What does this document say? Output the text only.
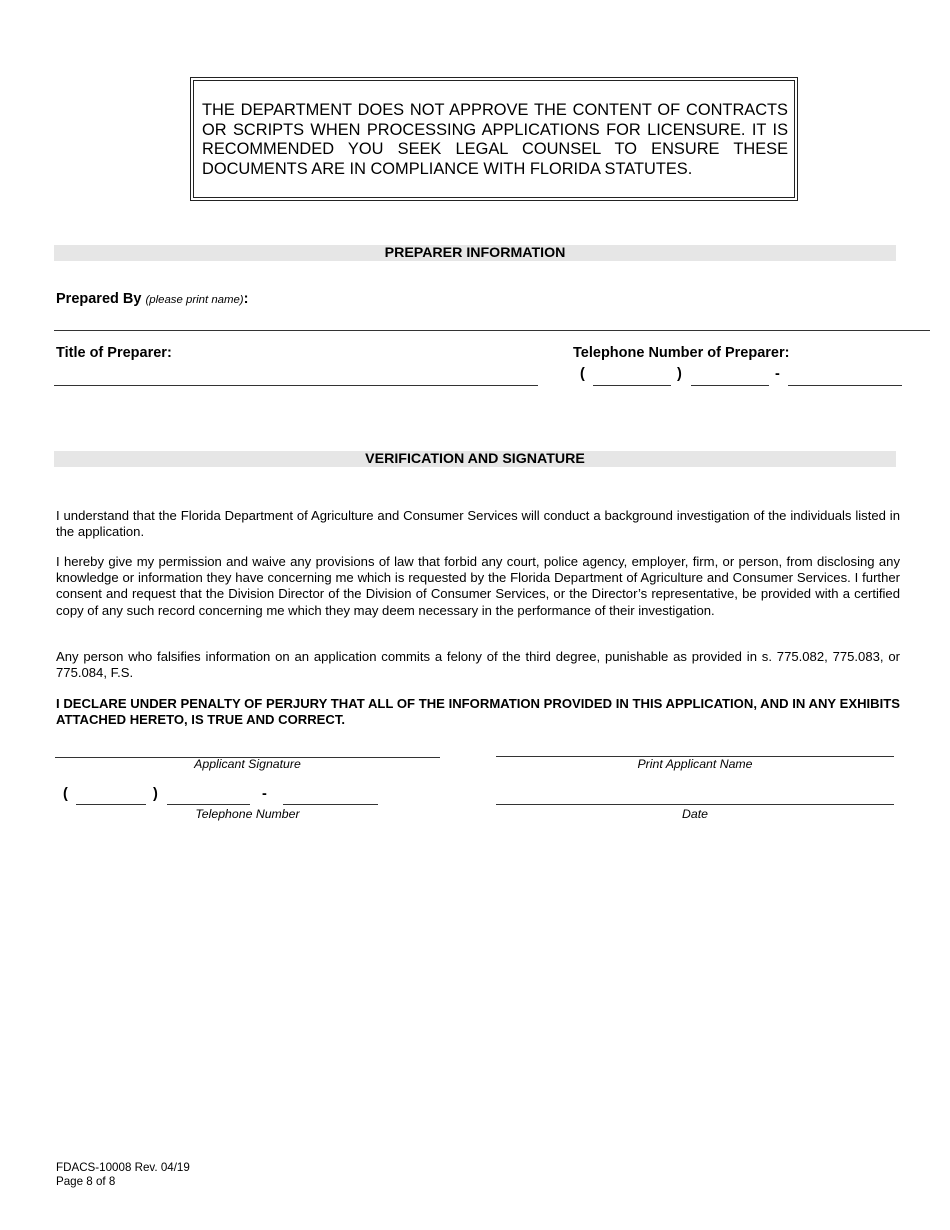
THE DEPARTMENT DOES NOT APPROVE THE CONTENT OF CONTRACTS OR SCRIPTS WHEN PROCESSING APPLICATIONS FOR LICENSURE. IT IS RECOMMENDED YOU SEEK LEGAL COUNSEL TO ENSURE THESE DOCUMENTS ARE IN COMPLIANCE WITH FLORIDA STATUTES.
PREPARER INFORMATION
Prepared By (please print name):
Title of Preparer:	Telephone Number of Preparer:
(	)	-
VERIFICATION AND SIGNATURE

I understand that the Florida Department of Agriculture and Consumer Services will conduct a background investigation of the individuals listed in the application.

I hereby give my permission and waive any provisions of law that forbid any court, police agency, employer, firm, or person, from disclosing any knowledge or information they have concerning me which is requested by the Florida Department of Agriculture and Consumer Services. I further consent and request that the Division Director of the Division of Consumer Services, or the Director’s representative, be provided with a certified copy of any such record concerning me which they may deem necessary in the performance of their investigation.

Any person who falsifies information on an application commits a felony of the third degree, punishable as provided in s. 775.082, 775.083, or 775.084, F.S.

I DECLARE UNDER PENALTY OF PERJURY THAT ALL OF THE INFORMATION PROVIDED IN THIS APPLICATION, AND IN ANY EXHIBITS ATTACHED HERETO, IS TRUE AND CORRECT.

Applicant Signature	Print Applicant Name
(	)	-
Telephone Number	Date
FDACS-10008 Rev. 04/19
Page 8 of 8
